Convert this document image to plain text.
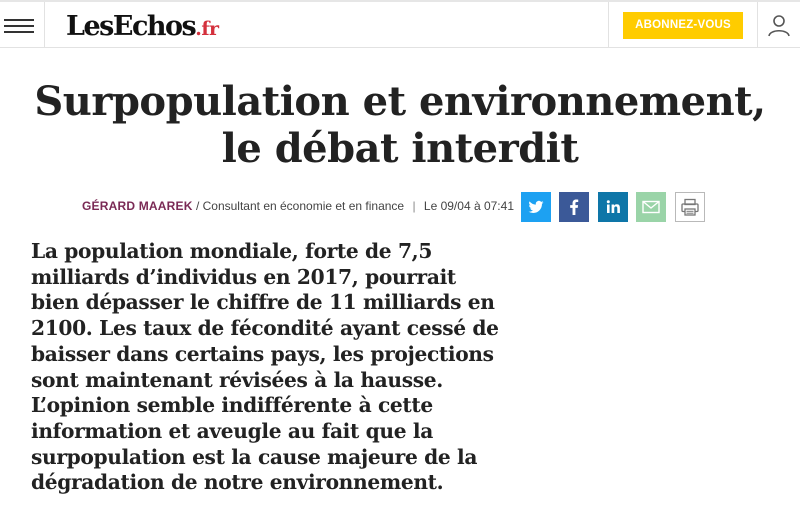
LesEchos.fr	ABONNEZ-VOUS
Surpopulation et environnement, le débat interdit
GÉRARD MAAREK / Consultant en économie et en finance | Le 09/04 à 07:41

La population mondiale, forte de 7,5 milliards d’individus en 2017, pourrait bien dépasser le chiffre de 11 milliards en 2100. Les taux de fécondité ayant cessé de baisser dans certains pays, les projections sont maintenant révisées à la hausse. L’opinion semble indifférente à cette information et aveugle au fait que la surpopulation est la cause majeure de la dégradation de notre environnement.
